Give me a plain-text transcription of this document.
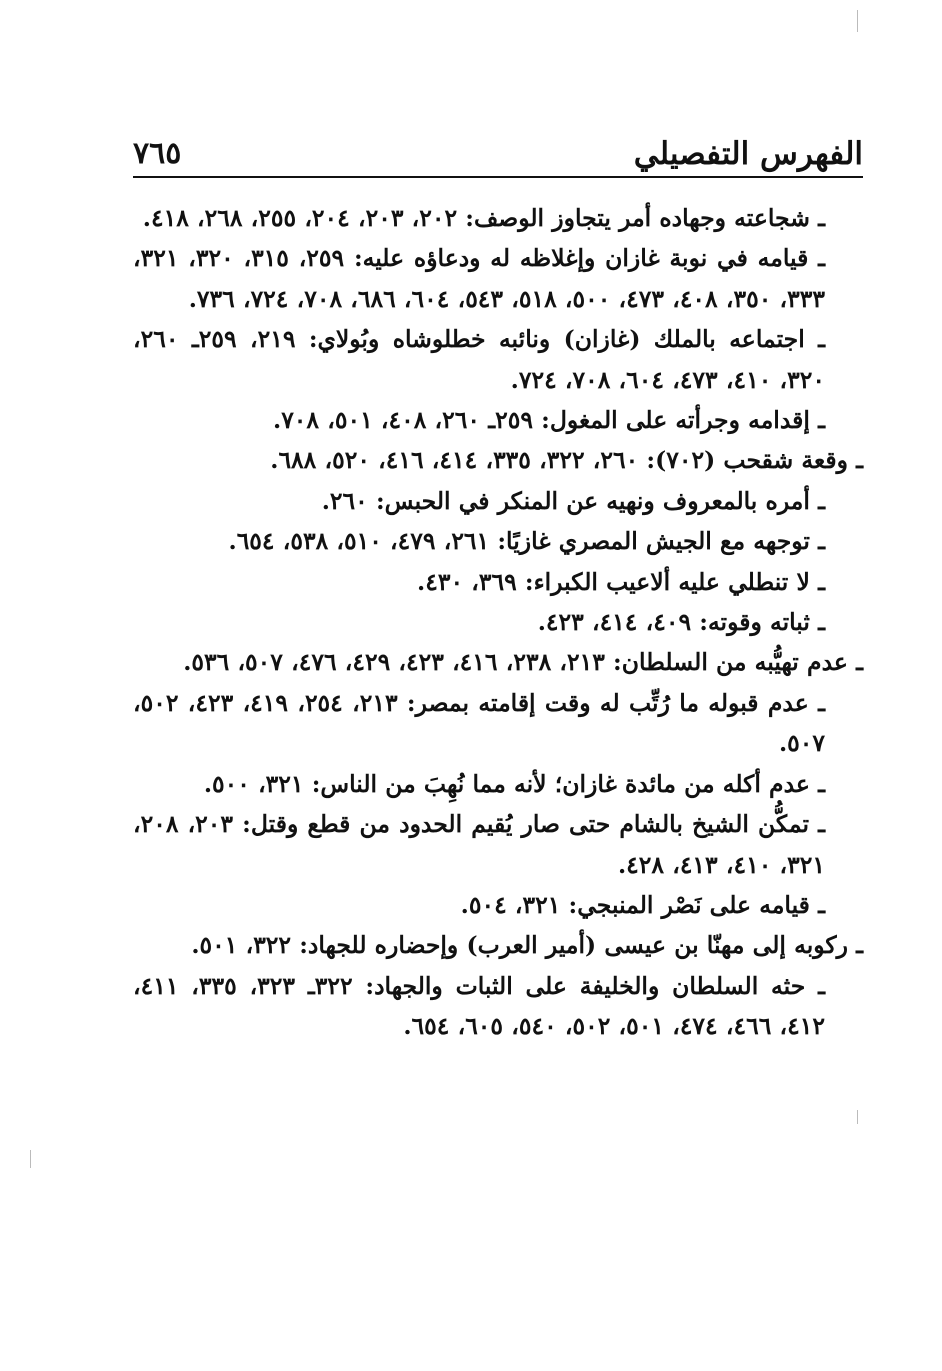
الفهرس التفصيلي
٧٦٥

ـ شجاعته وجهاده أمر يتجاوز الوصف: ٢٠٢، ٢٠٣، ٢٠٤، ٢٥٥، ٢٦٨، ٤١٨.

ـ قيامه في نوبة غازان وإغلاظه له ودعاؤه عليه: ٢٥٩، ٣١٥، ٣٢٠، ٣٢١، ٣٣٣، ٣٥٠، ٤٠٨، ٤٧٣، ٥٠٠، ٥١٨، ٥٤٣، ٦٠٤، ٦٨٦، ٧٠٨، ٧٢٤، ٧٣٦.

ـ اجتماعه بالملك (غازان) ونائبه خطلوشاه وبُولاي: ٢١٩، ٢٥٩ـ ٢٦٠، ٣٢٠، ٤١٠، ٤٧٣، ٦٠٤، ٧٠٨، ٧٢٤.

ـ إقدامه وجرأته على المغول: ٢٥٩ـ ٢٦٠، ٤٠٨، ٥٠١، ٧٠٨.

ـ وقعة شقحب (٧٠٢): ٢٦٠، ٣٢٢، ٣٣٥، ٤١٤، ٤١٦، ٥٢٠، ٦٨٨.

ـ أمره بالمعروف ونهيه عن المنكر في الحبس: ٢٦٠.

ـ توجهه مع الجيش المصري غازيًا: ٢٦١، ٤٧٩، ٥١٠، ٥٣٨، ٦٥٤.

ـ لا تنطلي عليه ألاعيب الكبراء: ٣٦٩، ٤٣٠.

ـ ثباته وقوته: ٤٠٩، ٤١٤، ٤٢٣.

ـ عدم تهيُّبه من السلطان: ٢١٣، ٢٣٨، ٤١٦، ٤٢٣، ٤٢٩، ٤٧٦، ٥٠٧، ٥٣٦.

ـ عدم قبوله ما رُتِّب له وقت إقامته بمصر: ٢١٣، ٢٥٤، ٤١٩، ٤٢٣، ٥٠٢، ٥٠٧.

ـ عدم أكله من مائدة غازان؛ لأنه مما نُهِبَ من الناس: ٣٢١، ٥٠٠.

ـ تمكُّن الشيخ بالشام حتى صار يُقيم الحدود من قطع وقتل: ٢٠٣، ٢٠٨، ٣٢١، ٤١٠، ٤١٣، ٤٢٨.

ـ قيامه على نَصْر المنبجي: ٣٢١، ٥٠٤.

ـ ركوبه إلى مهنّا بن عيسى (أمير العرب) وإحضاره للجهاد: ٣٢٢، ٥٠١.

ـ حثه السلطان والخليفة على الثبات والجهاد: ٣٢٢ـ ٣٢٣، ٣٣٥، ٤١١، ٤١٢، ٤٦٦، ٤٧٤، ٥٠١، ٥٠٢، ٥٤٠، ٦٠٥، ٦٥٤.
